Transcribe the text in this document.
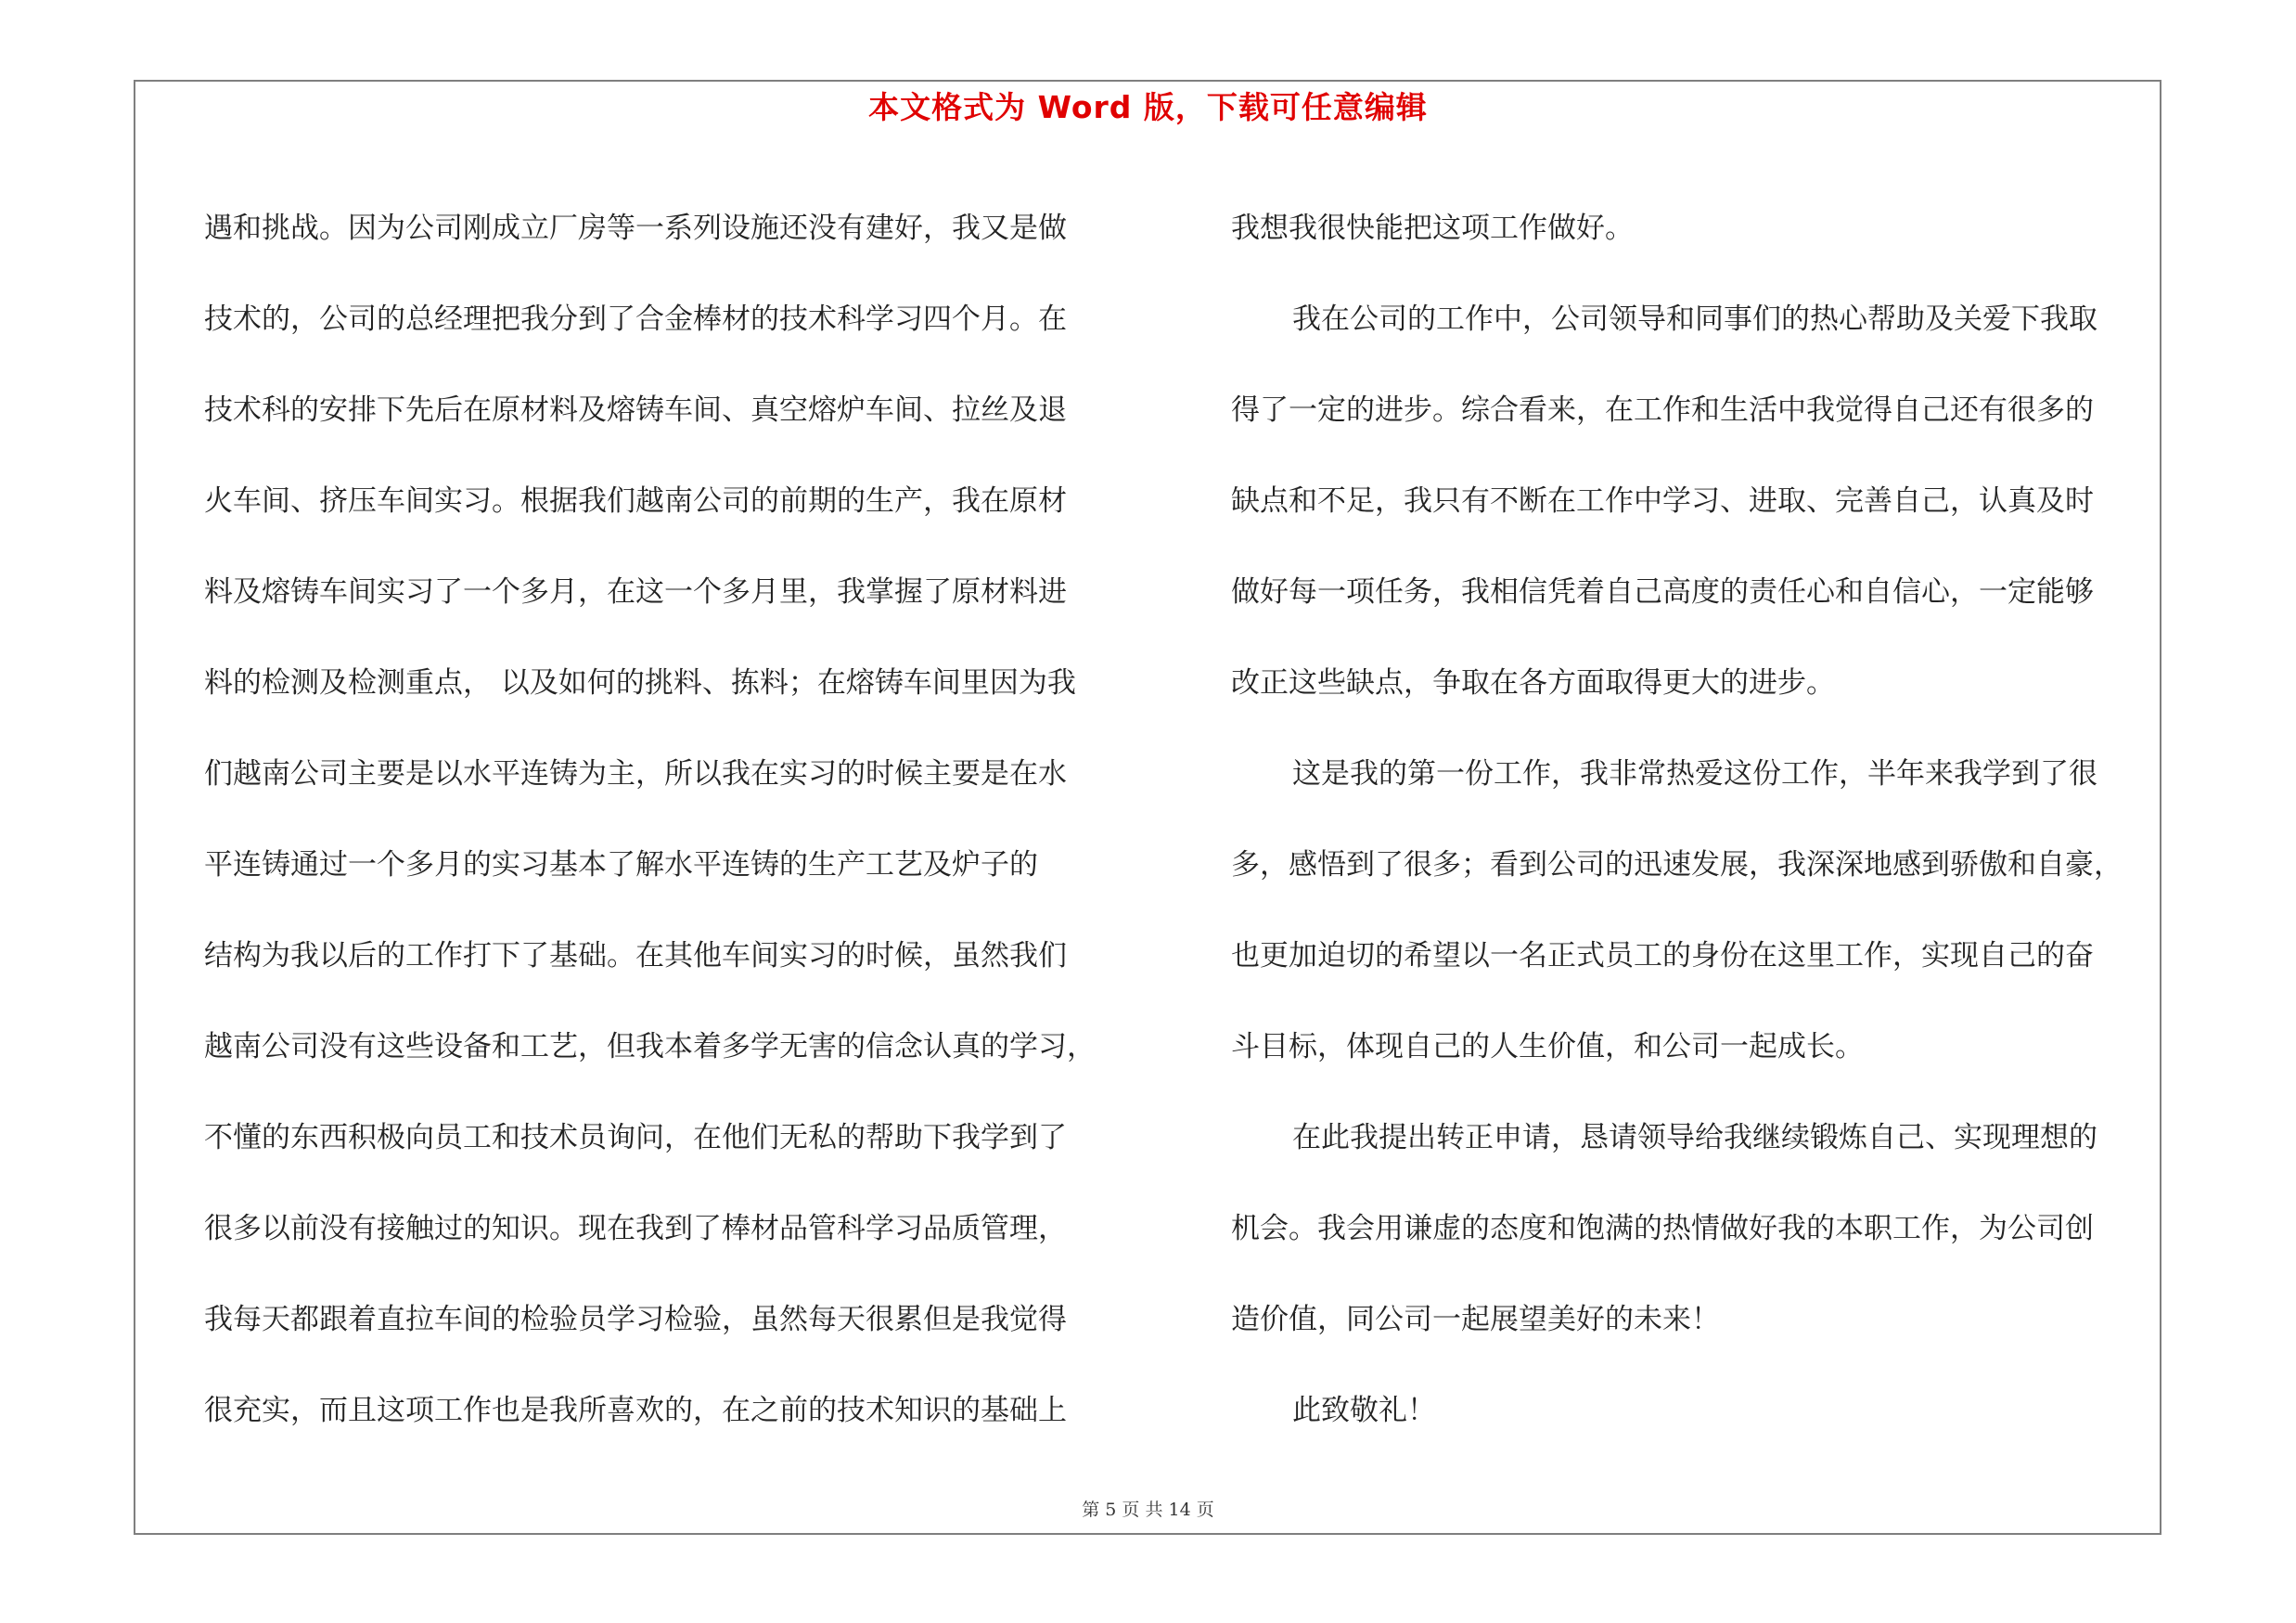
本文格式为 Word 版，下载可任意编辑
遇和挑战。因为公司刚成立厂房等一系列设施还没有建好，我又是做
技术的，公司的总经理把我分到了合金棒材的技术科学习四个月。在
技术科的安排下先后在原材料及熔铸车间、真空熔炉车间、拉丝及退
火车间、挤压车间实习。根据我们越南公司的前期的生产，我在原材
料及熔铸车间实习了一个多月，在这一个多月里，我掌握了原材料进
料的检测及检测重点， 以及如何的挑料、拣料；在熔铸车间里因为我
们越南公司主要是以水平连铸为主，所以我在实习的时候主要是在水
平连铸通过一个多月的实习基本了解水平连铸的生产工艺及炉子的
结构为我以后的工作打下了基础。在其他车间实习的时候，虽然我们
越南公司没有这些设备和工艺，但我本着多学无害的信念认真的学习，
不懂的东西积极向员工和技术员询问，在他们无私的帮助下我学到了
很多以前没有接触过的知识。现在我到了棒材品管科学习品质管理，
我每天都跟着直拉车间的检验员学习检验，虽然每天很累但是我觉得
很充实，而且这项工作也是我所喜欢的，在之前的技术知识的基础上
我想我很快能把这项工作做好。
我在公司的工作中，公司领导和同事们的热心帮助及关爱下我取
得了一定的进步。综合看来，在工作和生活中我觉得自己还有很多的
缺点和不足，我只有不断在工作中学习、进取、完善自己，认真及时
做好每一项任务，我相信凭着自己高度的责任心和自信心，一定能够
改正这些缺点，争取在各方面取得更大的进步。
这是我的第一份工作，我非常热爱这份工作，半年来我学到了很
多，感悟到了很多；看到公司的迅速发展，我深深地感到骄傲和自豪，
也更加迫切的希望以一名正式员工的身份在这里工作，实现自己的奋
斗目标，体现自己的人生价值，和公司一起成长。
在此我提出转正申请，恳请领导给我继续锻炼自己、实现理想的
机会。我会用谦虚的态度和饱满的热情做好我的本职工作，为公司创
造价值，同公司一起展望美好的未来！
此致敬礼！
第 5 页 共 14 页
